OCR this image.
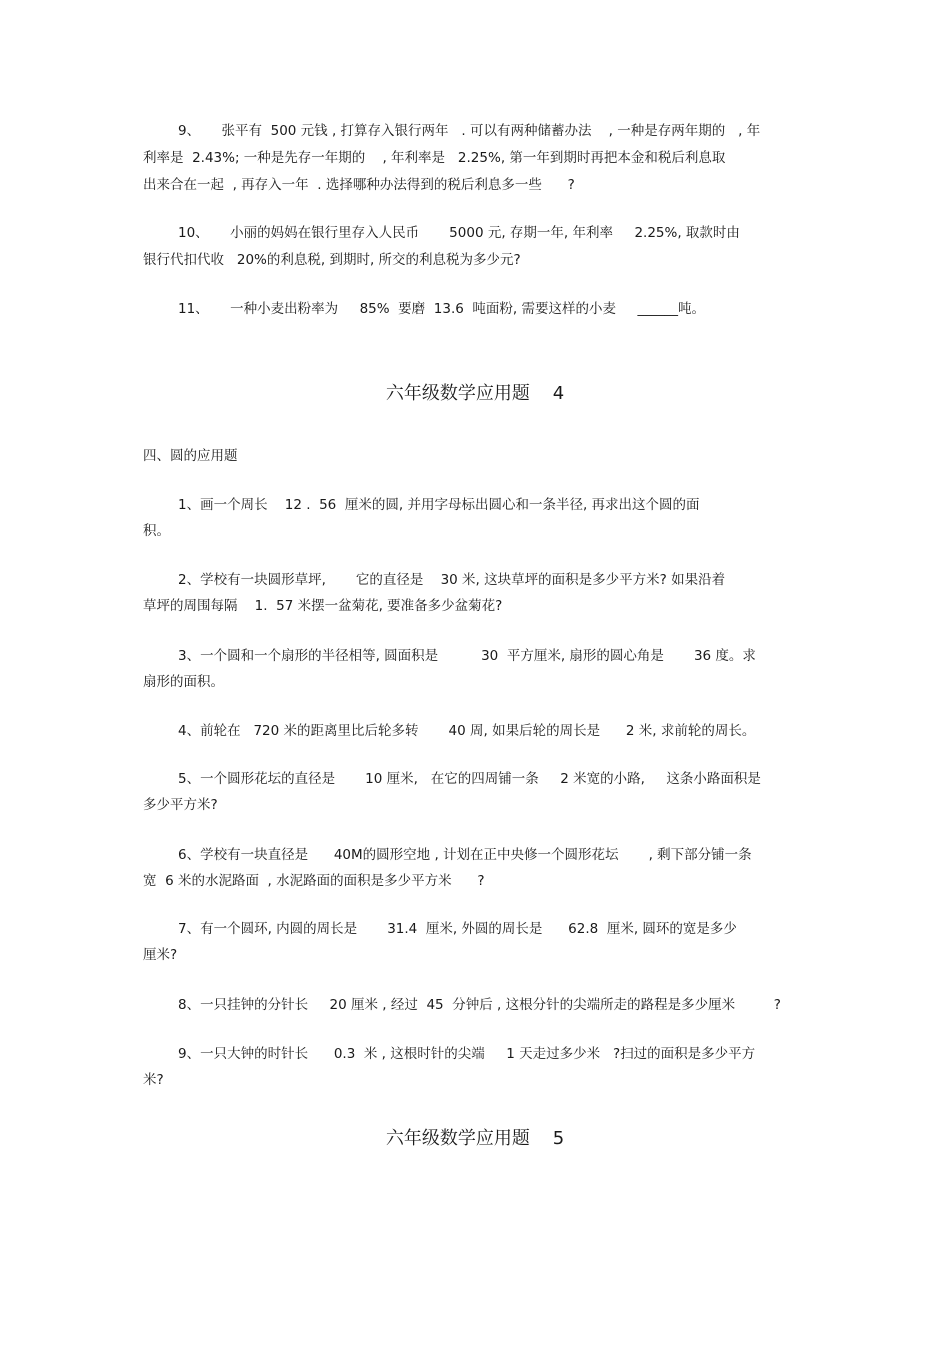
9、     张平有  500 元钱 , 打算存入银行两年   . 可以有两种储蓄办法    , 一种是存两年期的   , 年
利率是  2.43%; 一种是先存一年期的    , 年利率是   2.25%, 第一年到期时再把本金和税后利息取
出来合在一起  , 再存入一年  . 选择哪种办法得到的税后利息多一些      ?
10、     小丽的妈妈在银行里存入人民币       5000 元, 存期一年, 年利率     2.25%, 取款时由
银行代扣代收   20%的利息税, 到期时, 所交的利息税为多少元?
11、     一种小麦出粉率为     85%  要磨  13.6  吨面粉, 需要这样的小麦     ______吨。
六年级数学应用题    4
四、圆的应用题
1、画一个周长    12 .  56  厘米的圆, 并用字母标出圆心和一条半径, 再求出这个圆的面
积。
2、学校有一块圆形草坪,       它的直径是    30 米, 这块草坪的面积是多少平方米? 如果沿着
草坪的周围每隔    1.  57 米摆一盆菊花, 要准备多少盆菊花?
3、一个圆和一个扇形的半径相等, 圆面积是          30  平方厘米, 扇形的圆心角是       36 度。求
扇形的面积。
4、前轮在   720 米的距离里比后轮多转       40 周, 如果后轮的周长是      2 米, 求前轮的周长。
5、一个圆形花坛的直径是       10 厘米,   在它的四周铺一条     2 米宽的小路,     这条小路面积是
多少平方米?
6、学校有一块直径是      40M的圆形空地 , 计划在正中央修一个圆形花坛       , 剩下部分铺一条
宽  6 米的水泥路面  , 水泥路面的面积是多少平方米      ?
7、有一个圆环, 内圆的周长是       31.4  厘米, 外圆的周长是      62.8  厘米, 圆环的宽是多少
厘米?
8、一只挂钟的分针长     20 厘米 , 经过  45  分钟后 , 这根分针的尖端所走的路程是多少厘米         ?
9、一只大钟的时针长      0.3  米 , 这根时针的尖端     1 天走过多少米   ?扫过的面积是多少平方
米?
六年级数学应用题    5
